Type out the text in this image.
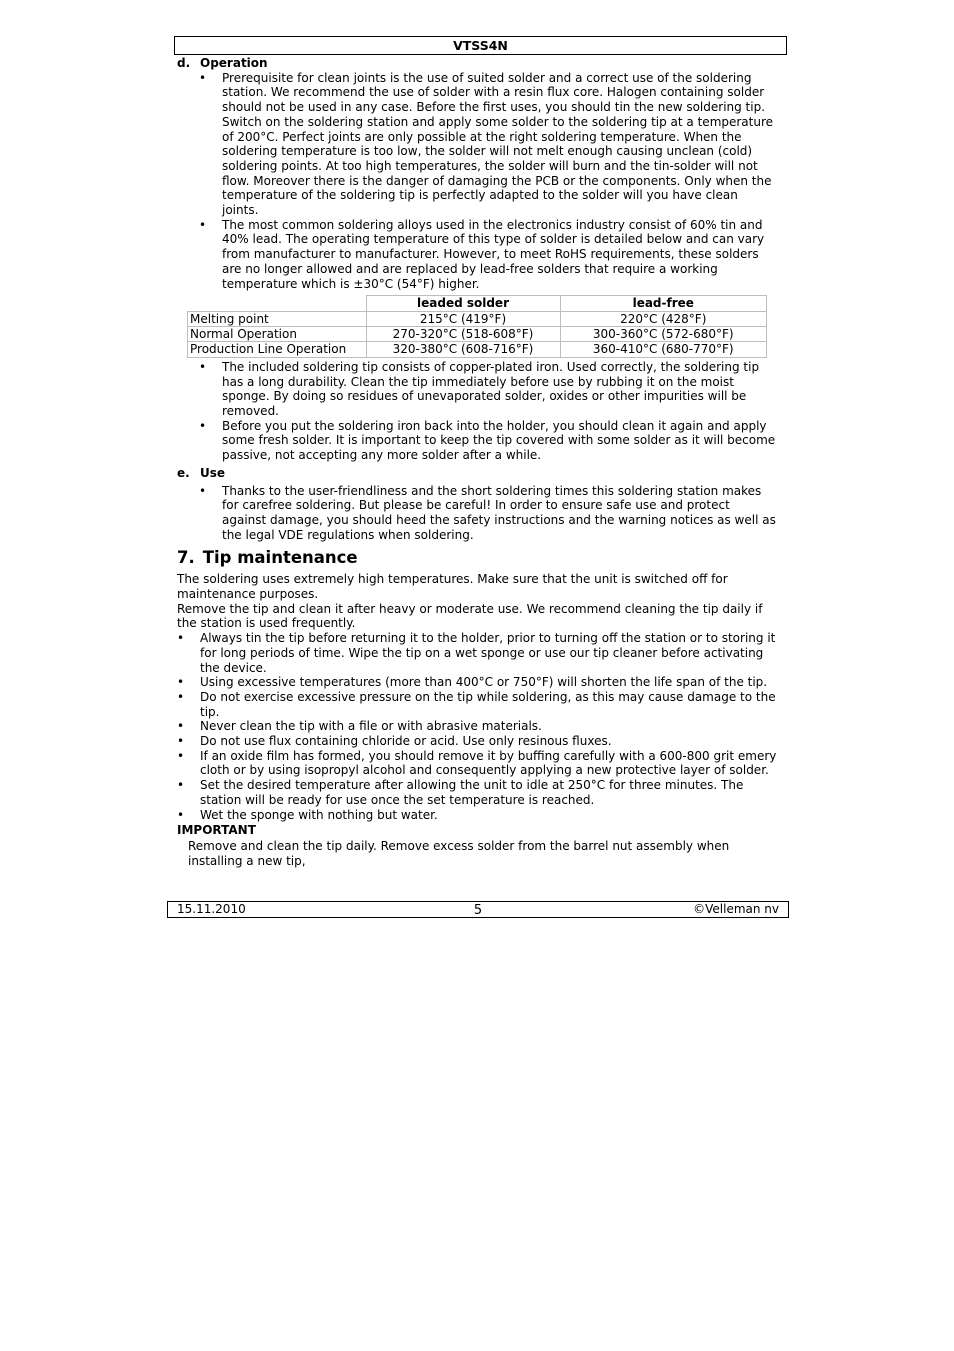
VTSS4N
d. Operation
• Prerequisite for clean joints is the use of suited solder and a correct use of the soldering station. We recommend the use of solder with a resin flux core. Halogen containing solder should not be used in any case. Before the first uses, you should tin the new soldering tip. Switch on the soldering station and apply some solder to the soldering tip at a temperature of 200°C. Perfect joints are only possible at the right soldering temperature. When the soldering temperature is too low, the solder will not melt enough causing unclean (cold) soldering points. At too high temperatures, the solder will burn and the tin-solder will not flow. Moreover there is the danger of damaging the PCB or the components. Only when the temperature of the soldering tip is perfectly adapted to the solder will you have clean joints.
• The most common soldering alloys used in the electronics industry consist of 60% tin and 40% lead. The operating temperature of this type of solder is detailed below and can vary from manufacturer to manufacturer. However, to meet RoHS requirements, these solders are no longer allowed and are replaced by lead-free solders that require a working temperature which is ±30°C (54°F) higher.
	leaded solder	lead-free
Melting point	215°C (419°F)	220°C (428°F)
Normal Operation	270-320°C (518-608°F)	300-360°C (572-680°F)
Production Line Operation	320-380°C (608-716°F)	360-410°C (680-770°F)
• The included soldering tip consists of copper-plated iron. Used correctly, the soldering tip has a long durability. Clean the tip immediately before use by rubbing it on the moist sponge. By doing so residues of unevaporated solder, oxides or other impurities will be removed.
• Before you put the soldering iron back into the holder, you should clean it again and apply some fresh solder. It is important to keep the tip covered with some solder as it will become passive, not accepting any more solder after a while.
e. Use
• Thanks to the user-friendliness and the short soldering times this soldering station makes for carefree soldering. But please be careful! In order to ensure safe use and protect against damage, you should heed the safety instructions and the warning notices as well as the legal VDE regulations when soldering.
7. Tip maintenance

The soldering uses extremely high temperatures. Make sure that the unit is switched off for maintenance purposes.

Remove the tip and clean it after heavy or moderate use. We recommend cleaning the tip daily if the station is used frequently.

• Always tin the tip before returning it to the holder, prior to turning off the station or to storing it for long periods of time. Wipe the tip on a wet sponge or use our tip cleaner before activating the device.
• Using excessive temperatures (more than 400°C or 750°F) will shorten the life span of the tip.
• Do not exercise excessive pressure on the tip while soldering, as this may cause damage to the tip.
• Never clean the tip with a file or with abrasive materials.
• Do not use flux containing chloride or acid. Use only resinous fluxes.
• If an oxide film has formed, you should remove it by buffing carefully with a 600-800 grit emery cloth or by using isopropyl alcohol and consequently applying a new protective layer of solder.
• Set the desired temperature after allowing the unit to idle at 250°C for three minutes. The station will be ready for use once the set temperature is reached.
• Wet the sponge with nothing but water.
IMPORTANT

Remove and clean the tip daily. Remove excess solder from the barrel nut assembly when installing a new tip,

15.11.2010	5	©Velleman nv
